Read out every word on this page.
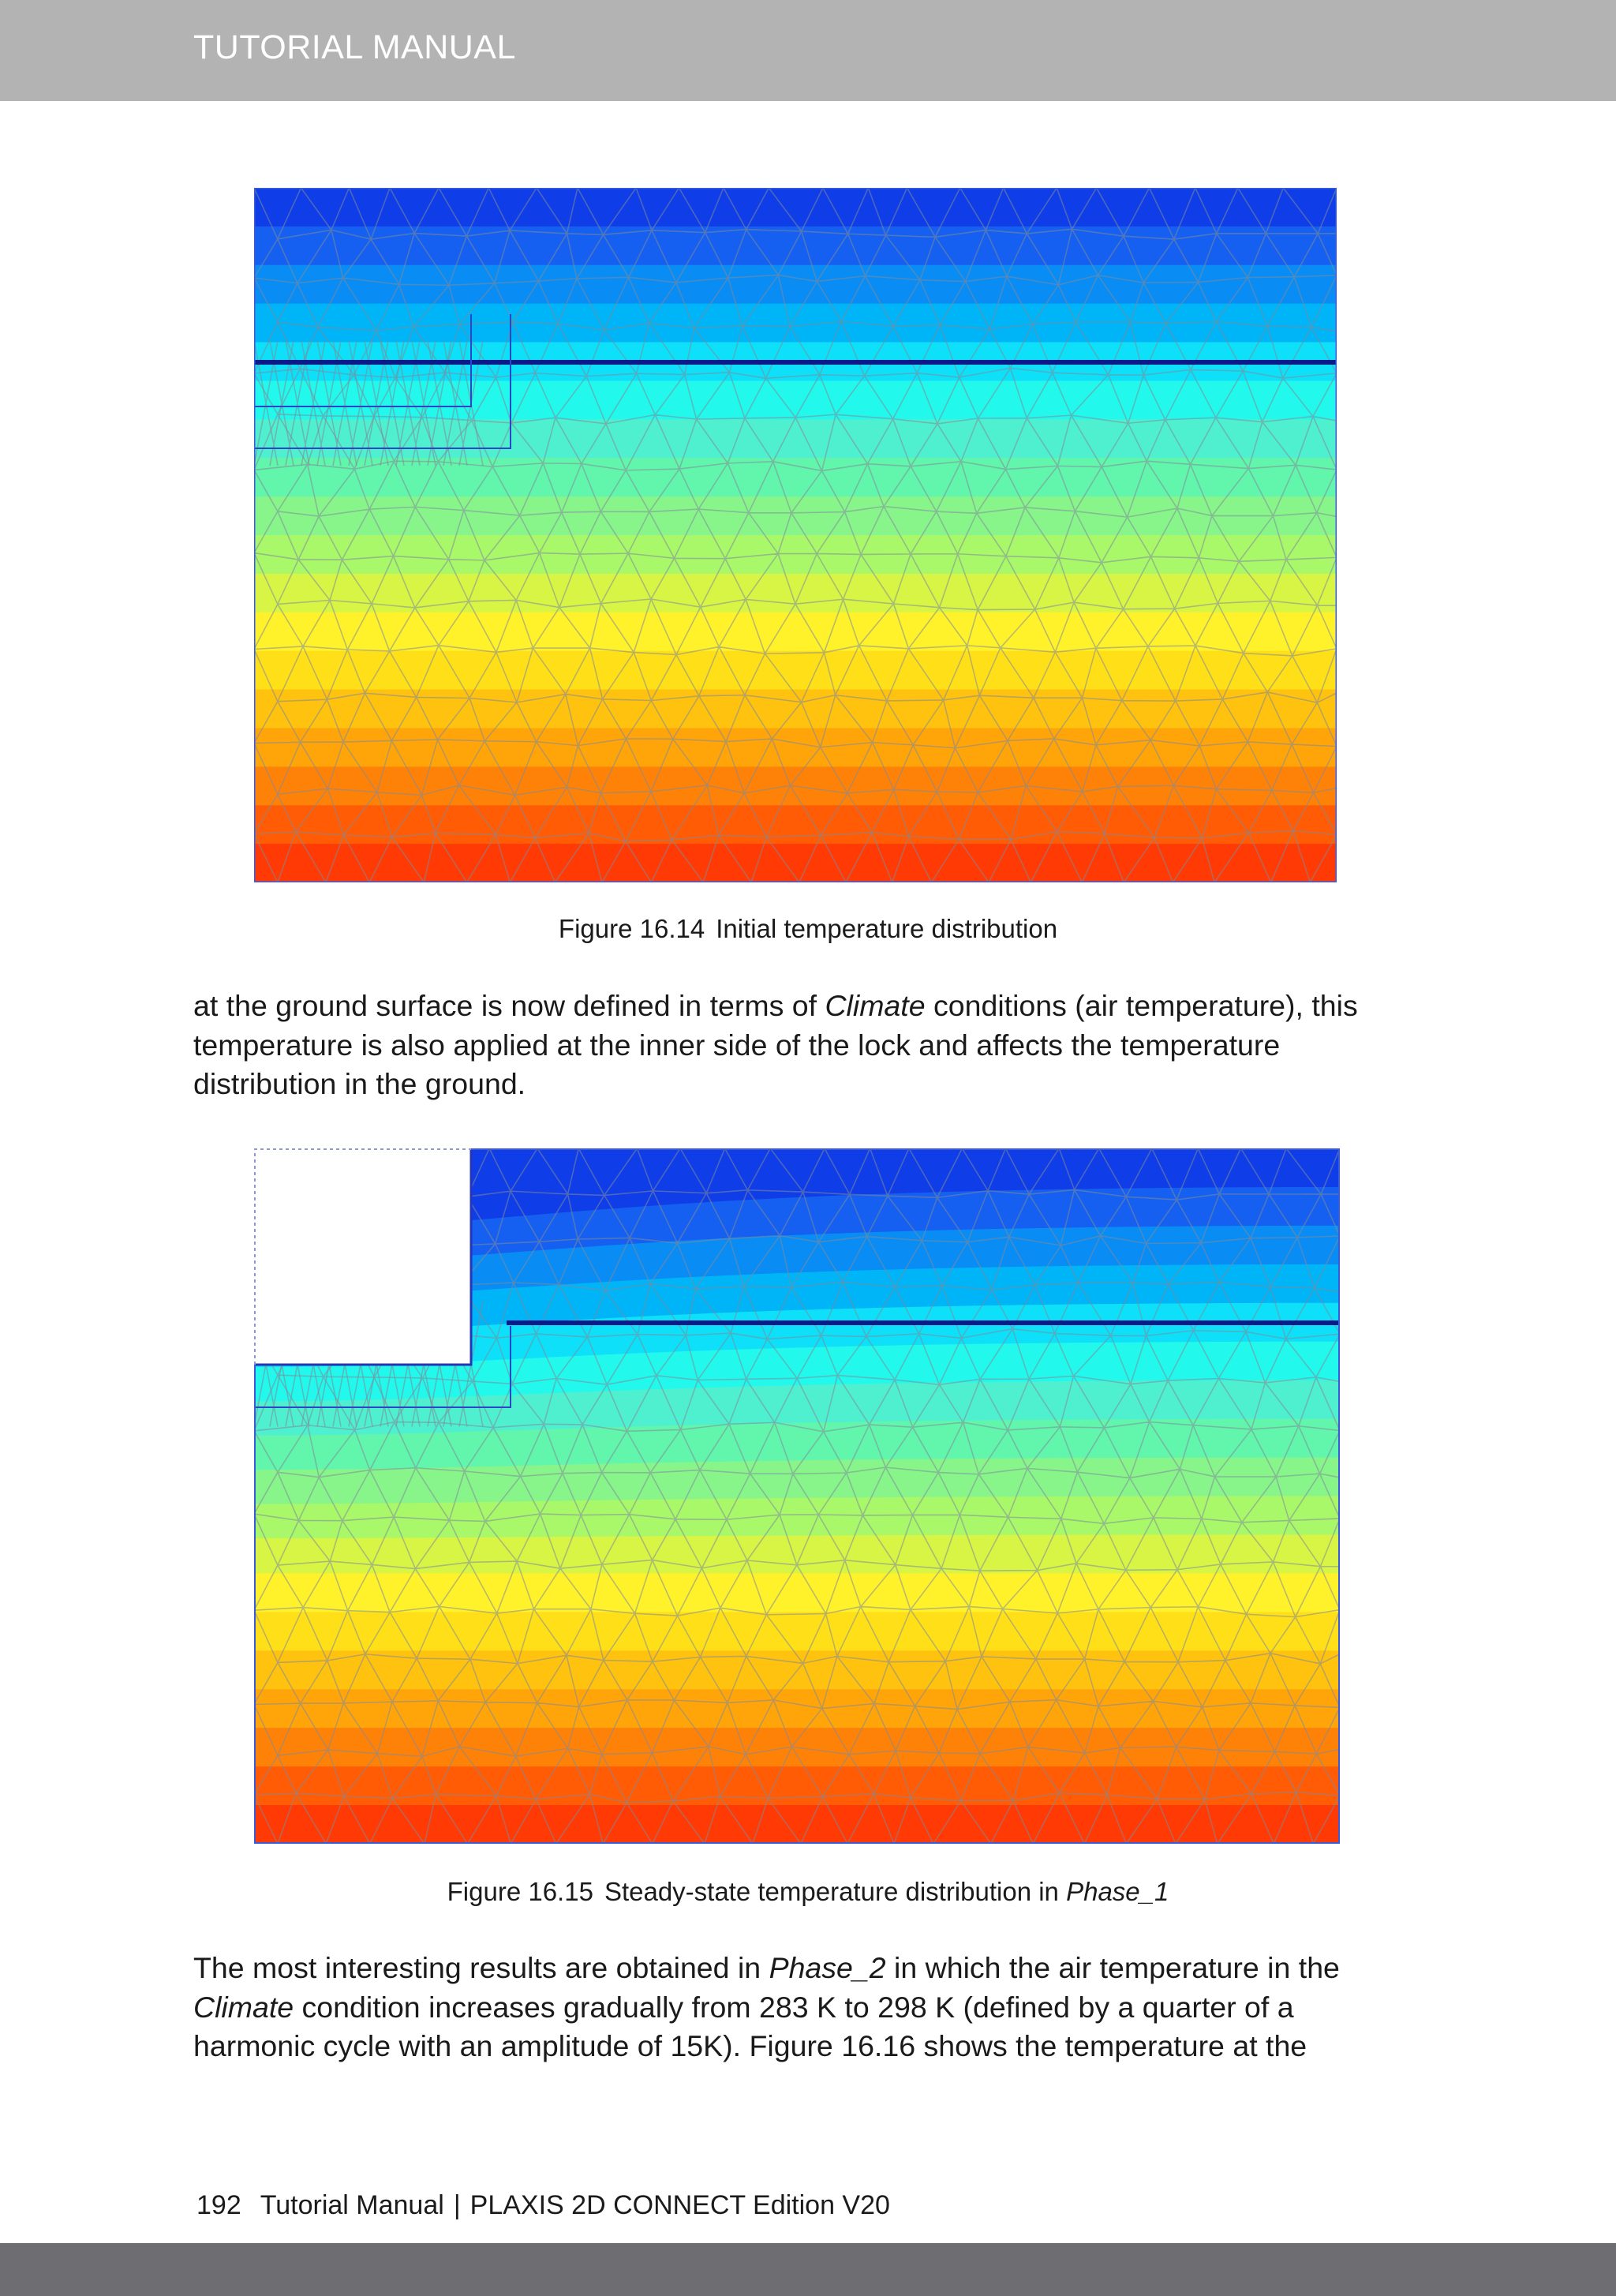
TUTORIAL MANUAL
Figure 16.14 Initial temperature distribution
at the ground surface is now defined in terms of Climate conditions (air temperature), this
temperature is also applied at the inner side of the lock and affects the temperature
distribution in the ground.
Figure 16.15 Steady-state temperature distribution in Phase_1
The most interesting results are obtained in Phase_2 in which the air temperature in the
Climate condition increases gradually from 283 K to 298 K (defined by a quarter of a
harmonic cycle with an amplitude of 15K). Figure 16.16 shows the temperature at the
192 Tutorial Manual | PLAXIS 2D CONNECT Edition V20
